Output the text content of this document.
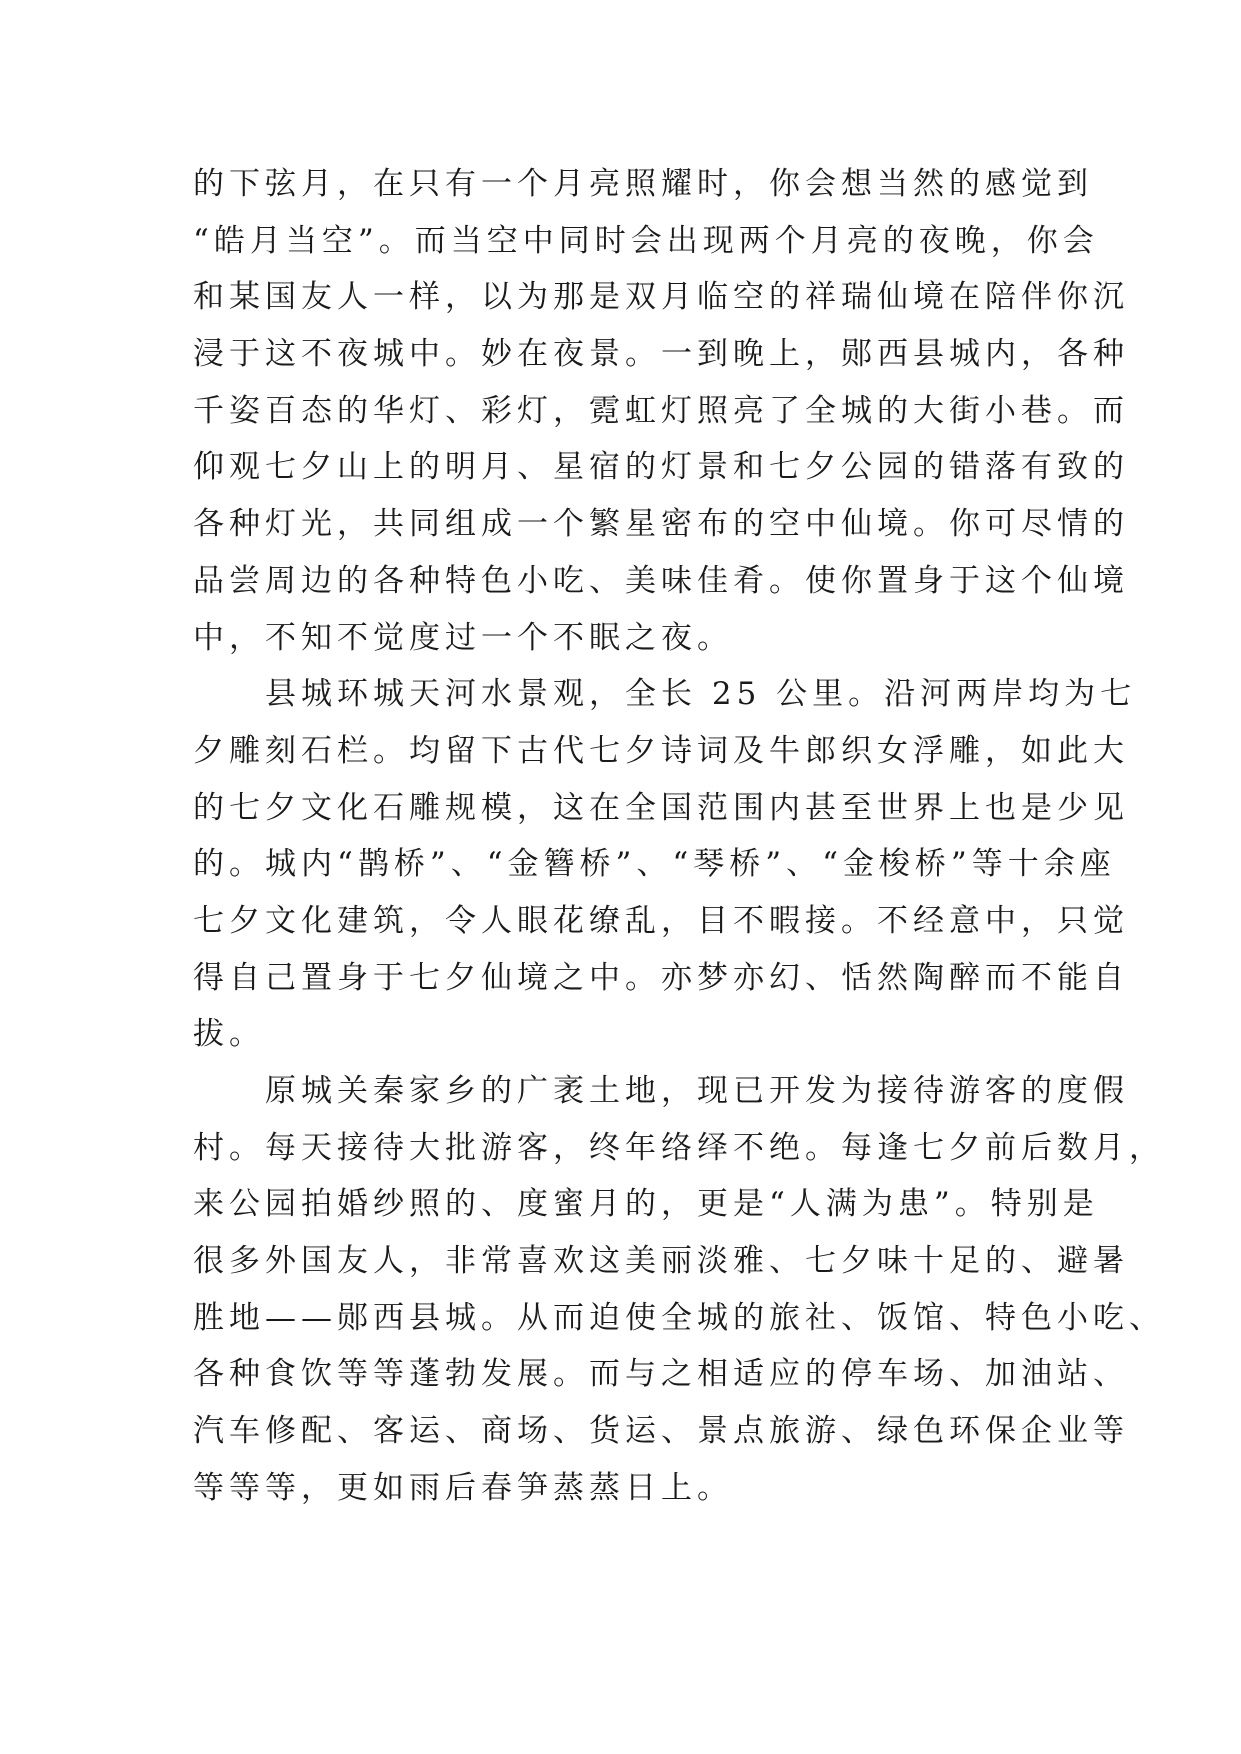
的下弦月，在只有一个月亮照耀时，你会想当然的感觉到
“皓月当空”。而当空中同时会出现两个月亮的夜晚，你会
和某国友人一样，以为那是双月临空的祥瑞仙境在陪伴你沉
浸于这不夜城中。妙在夜景。一到晚上，郧西县城内，各种
千姿百态的华灯、彩灯，霓虹灯照亮了全城的大街小巷。而
仰观七夕山上的明月、星宿的灯景和七夕公园的错落有致的
各种灯光，共同组成一个繁星密布的空中仙境。你可尽情的
品尝周边的各种特色小吃、美味佳肴。使你置身于这个仙境
中，不知不觉度过一个不眠之夜。
　　县城环城天河水景观，全长 25 公里。沿河两岸均为七
夕雕刻石栏。均留下古代七夕诗词及牛郎织女浮雕，如此大
的七夕文化石雕规模，这在全国范围内甚至世界上也是少见
的。城内“鹊桥”、“金簪桥”、“琴桥”、“金梭桥”等十余座
七夕文化建筑，令人眼花缭乱，目不暇接。不经意中，只觉
得自己置身于七夕仙境之中。亦梦亦幻、恬然陶醉而不能自
拔。
　　原城关秦家乡的广袤土地，现已开发为接待游客的度假
村。每天接待大批游客，终年络绎不绝。每逢七夕前后数月，
来公园拍婚纱照的、度蜜月的，更是“人满为患”。特别是
很多外国友人，非常喜欢这美丽淡雅、七夕味十足的、避暑
胜地——郧西县城。从而迫使全城的旅社、饭馆、特色小吃、
各种食饮等等蓬勃发展。而与之相适应的停车场、加油站、
汽车修配、客运、商场、货运、景点旅游、绿色环保企业等
等等等，更如雨后春笋蒸蒸日上。
